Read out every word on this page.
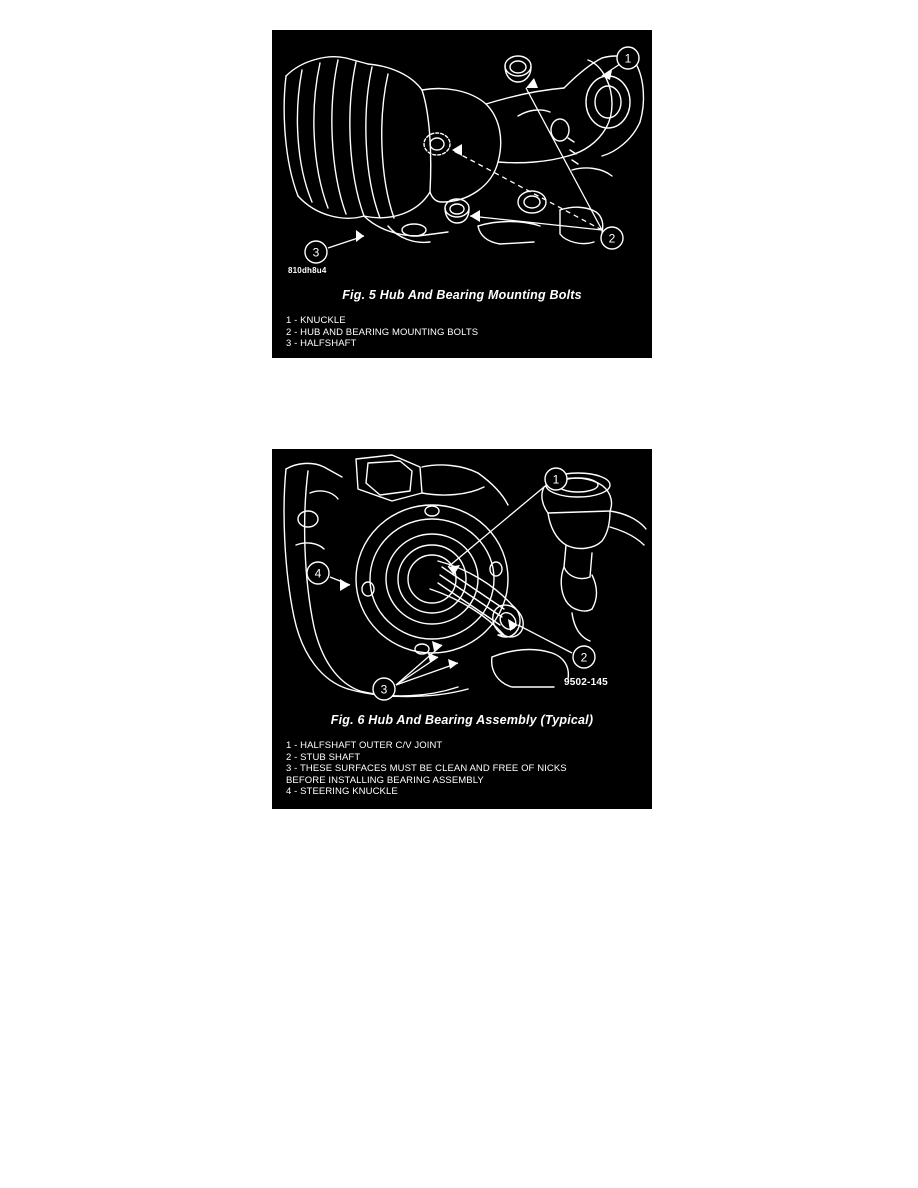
1
2
3
810dh8u4
Fig. 5 Hub And Bearing Mounting Bolts
1 - KNUCKLE
2 - HUB AND BEARING MOUNTING BOLTS
3 - HALFSHAFT
1
2
3
4
9502-145
Fig. 6 Hub And Bearing Assembly (Typical)
1 - HALFSHAFT OUTER C/V JOINT
2 - STUB SHAFT
3 - THESE SURFACES MUST BE CLEAN AND FREE OF NICKS
BEFORE INSTALLING BEARING ASSEMBLY
4 - STEERING KNUCKLE
